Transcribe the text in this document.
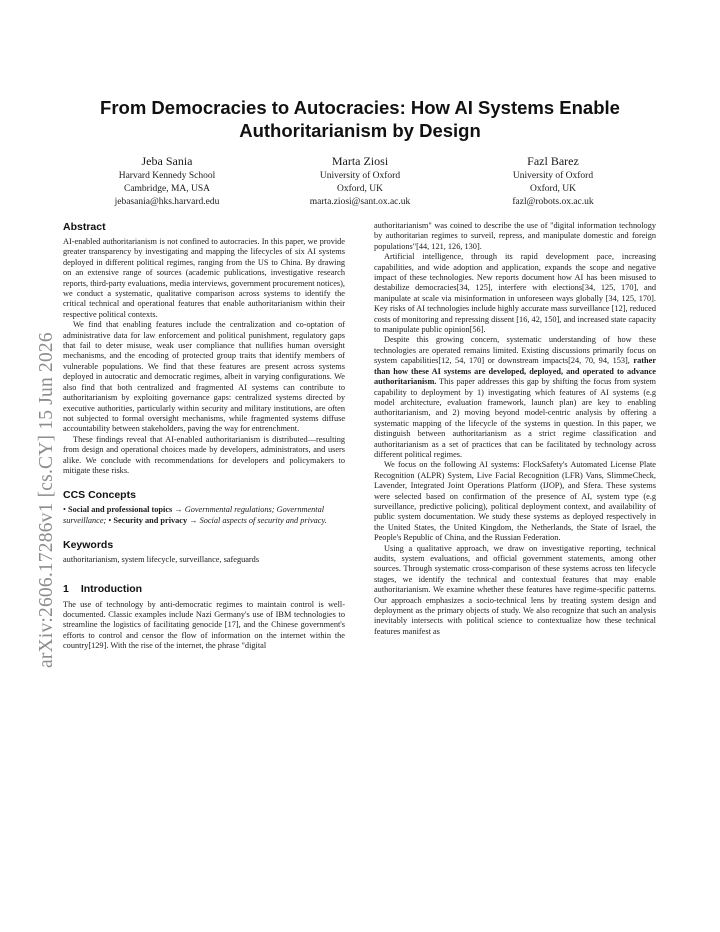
From Democracies to Autocracies: How AI Systems Enable
Authoritarianism by Design
Jeba Sania
Harvard Kennedy School
Cambridge, MA, USA
jebasania@hks.harvard.edu
Marta Ziosi
University of Oxford
Oxford, UK
marta.ziosi@sant.ox.ac.uk
Fazl Barez
University of Oxford
Oxford, UK
fazl@robots.ox.ac.uk
arXiv:2606.17286v1 [cs.CY] 15 Jun 2026
Abstract

AI-enabled authoritarianism is not confined to autocracies. In this paper, we provide greater transparency by investigating and mapping the lifecycles of six AI systems deployed in different political regimes, ranging from the US to China. By drawing on an extensive range of sources (academic publications, investigative research reports, third-party evaluations, media interviews, government procurement notices), we conduct a systematic, qualitative comparison across systems to identify the critical technical and operational features that enable authoritarianism within their respective political contexts.

We find that enabling features include the centralization and co-optation of administrative data for law enforcement and political punishment, regulatory gaps that fail to deter misuse, weak user compliance that nullifies human oversight mechanisms, and the encoding of protected group traits that identify members of vulnerable populations. We find that these features are present across systems deployed in autocratic and democratic regimes, albeit in varying configurations. We also find that both centralized and fragmented AI systems can contribute to authoritarianism by exploiting governance gaps: centralized systems directed by executive authorities, particularly within security and military institutions, are often not subjected to formal oversight mechanisms, while fragmented systems diffuse accountability between stakeholders, paving the way for entrenchment.

These findings reveal that AI-enabled authoritarianism is distributed—resulting from design and operational choices made by developers, administrators, and users alike. We conclude with recommendations for developers and policymakers to mitigate these risks.

CCS Concepts

• Social and professional topics → Governmental regulations; Governmental surveillance; • Security and privacy → Social aspects of security and privacy.

Keywords

authoritarianism, system lifecycle, surveillance, safeguards

1 Introduction

The use of technology by anti-democratic regimes to maintain control is well-documented. Classic examples include Nazi Germany's use of IBM technologies to streamline the logistics of facilitating genocide [17], and the Chinese government's efforts to control and censor the flow of information on the internet within the country[129]. With the rise of the internet, the phrase "digital

authoritarianism" was coined to describe the use of "digital information technology by authoritarian regimes to surveil, repress, and manipulate domestic and foreign populations"[44, 121, 126, 130].

Artificial intelligence, through its rapid development pace, increasing capabilities, and wide adoption and application, expands the scope and negative impact of these technologies. New reports document how AI has been misused to destabilize democracies[34, 125], interfere with elections[34, 125, 170], and manipulate at scale via misinformation in unforeseen ways globally [34, 125, 170]. Key risks of AI technologies include highly accurate mass surveillance [12], reduced costs of monitoring and repressing dissent [16, 42, 150], and increased state capacity to manipulate public opinion[56].

Despite this growing concern, systematic understanding of how these technologies are operated remains limited. Existing discussions primarily focus on system capabilities[12, 54, 170] or downstream impacts[24, 70, 94, 153], rather than how these AI systems are developed, deployed, and operated to advance authoritarianism. This paper addresses this gap by shifting the focus from system capability to deployment by 1) investigating which features of AI systems (e.g model architecture, evaluation framework, launch plan) are key to enabling authoritarianism, and 2) moving beyond model-centric analysis by offering a systematic mapping of the lifecycle of the systems in question. In this paper, we distinguish between authoritarianism as a strict regime classification and authoritarianism as a set of practices that can be facilitated by technology across different political regimes.

We focus on the following AI systems: FlockSafety's Automated License Plate Recognition (ALPR) System, Live Facial Recognition (LFR) Vans, SlimmeCheck, Lavender, Integrated Joint Operations Platform (IJOP), and Sfera. These systems were selected based on confirmation of the presence of AI, system type (e.g surveillance, predictive policing), political deployment context, and availability of public system documentation. We study these systems as deployed respectively in the United States, the United Kingdom, the Netherlands, the State of Israel, the People's Republic of China, and the Russian Federation.

Using a qualitative approach, we draw on investigative reporting, technical audits, system evaluations, and official government statements, among other sources. Through systematic cross-comparison of these systems across ten lifecycle stages, we identify the technical and contextual features that may enable authoritarianism. We examine whether these features have regime-specific patterns. Our approach emphasizes a socio-technical lens by treating system design and deployment as the primary objects of study. We also recognize that such an analysis inevitably intersects with political science to contextualize how these technical features manifest as
